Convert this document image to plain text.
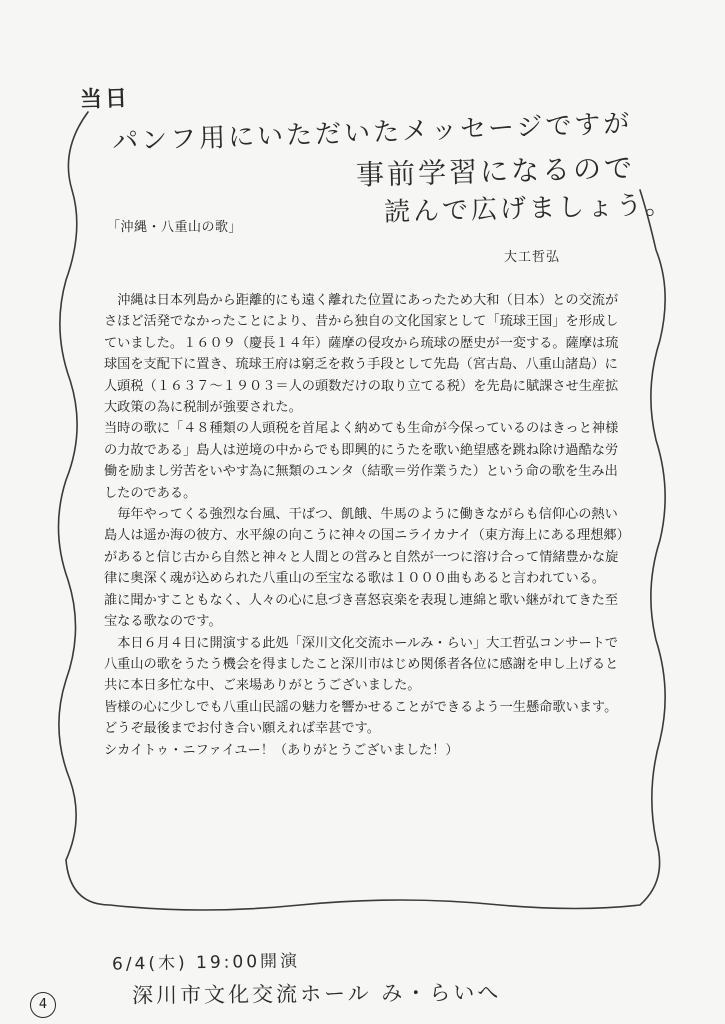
当日
パンフ用にいただいたメッセージですが
事前学習になるので
読んで広げましょう。
「沖縄・八重山の歌」
大工哲弘
沖縄は日本列島から距離的にも遠く離れた位置にあったため大和（日本）との交流がさほど活発でなかったことにより、昔から独自の文化国家として「琉球王国」を形成していました。１６０９（慶長１４年）薩摩の侵攻から琉球の歴史が一変する。薩摩は琉球国を支配下に置き、琉球王府は窮乏を救う手段として先島（宮古島、八重山諸島）に人頭税（１６３７～１９０３＝人の頭数だけの取り立てる税）を先島に賦課させ生産拡大政策の為に税制が強要された。
当時の歌に「４８種類の人頭税を首尾よく納めても生命が今保っているのはきっと神様の力故である」島人は逆境の中からでも即興的にうたを歌い絶望感を跳ね除け過酷な労働を励まし労苦をいやす為に無類のユンタ（結歌＝労作業うた）という命の歌を生み出したのである。
毎年やってくる強烈な台風、干ばつ、飢餓、牛馬のように働きながらも信仰心の熱い島人は遥か海の彼方、水平線の向こうに神々の国ニライカナイ（東方海上にある理想郷）があると信じ古から自然と神々と人間との営みと自然が一つに溶け合って情緒豊かな旋律に奥深く魂が込められた八重山の至宝なる歌は１０００曲もあると言われている。
誰に聞かすこともなく、人々の心に息づき喜怒哀楽を表現し連綿と歌い継がれてきた至宝なる歌なのです。
本日６月４日に開演する此処「深川文化交流ホールみ・らい」大工哲弘コンサートで八重山の歌をうたう機会を得ましたこと深川市はじめ関係者各位に感謝を申し上げると共に本日多忙な中、ご来場ありがとうございました。
皆様の心に少しでも八重山民謡の魅力を響かせることができるよう一生懸命歌います。
どうぞ最後までお付き合い願えれば幸甚です。
シカイトゥ・ニファイユー！（ありがとうございました！）
6/4(木) 19:00開演
深川市文化交流ホール み・らいへ
4
